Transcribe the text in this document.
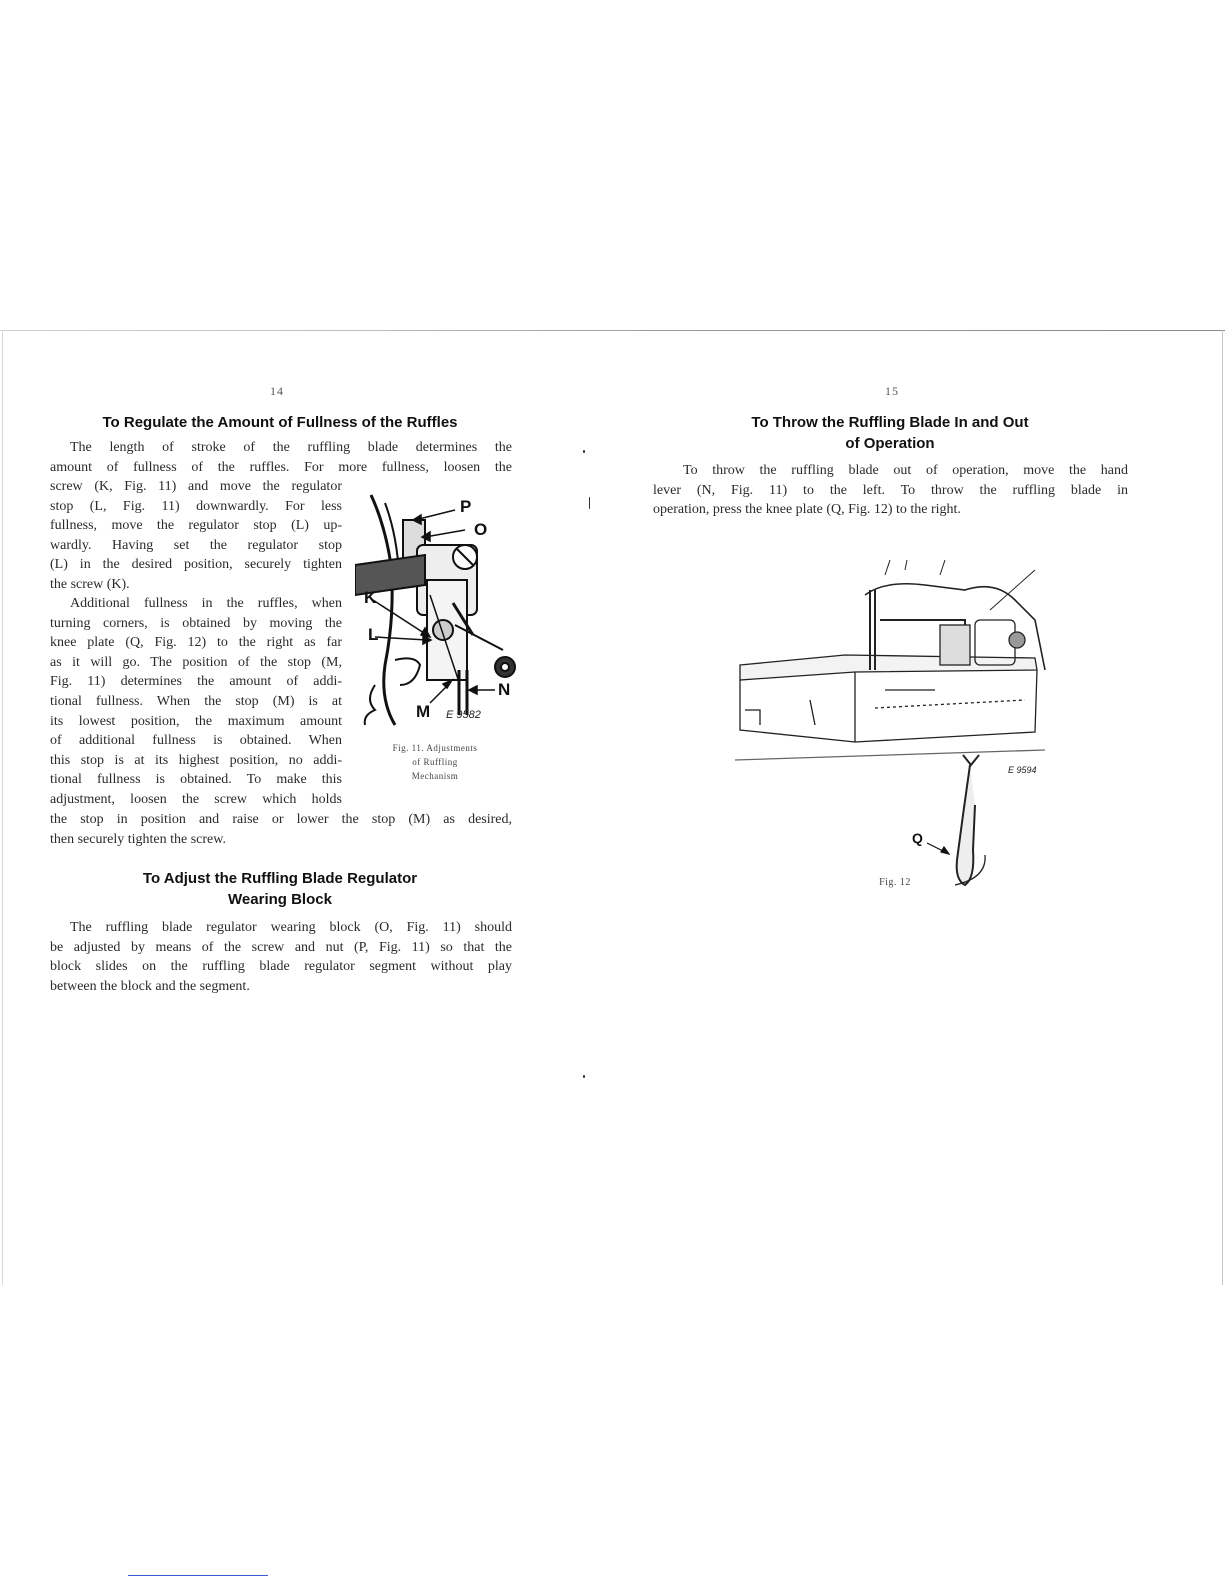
14
To Regulate the Amount of Fullness of the Ruffles
The length of stroke of the ruffling blade determines the
amount of fullness of the ruffles. For more fullness, loosen the
screw (K, Fig. 11) and move the regulator
stop (L, Fig. 11) downwardly. For less
fullness, move the regulator stop (L) up-
wardly. Having set the regulator stop
(L) in the desired position, securely tighten
the screw (K).
Additional fullness in the ruffles, when
turning corners, is obtained by moving the
knee plate (Q, Fig. 12) to the right as far
as it will go. The position of the stop (M,
Fig. 11) determines the amount of addi-
tional fullness. When the stop (M) is at
its lowest position, the maximum amount
of additional fullness is obtained. When
this stop is at its highest position, no addi-
tional fullness is obtained. To make this
adjustment, loosen the screw which holds
the stop in position and raise or lower the stop (M) as desired,
then securely tighten the screw.
P
O
K
L
M
N
E 9582
Fig. 11. Adjustments
of Ruffling
Mechanism
To Adjust the Ruffling Blade Regulator
Wearing Block
The ruffling blade regulator wearing block (O, Fig. 11) should
be adjusted by means of the screw and nut (P, Fig. 11) so that the
block slides on the ruffling blade regulator segment without play
between the block and the segment.
15
To Throw the Ruffling Blade In and Out
of Operation
To throw the ruffling blade out of operation, move the hand
lever (N, Fig. 11) to the left. To throw the ruffling blade in
operation, press the knee plate (Q, Fig. 12) to the right.
E 9594
Q
Fig. 12
